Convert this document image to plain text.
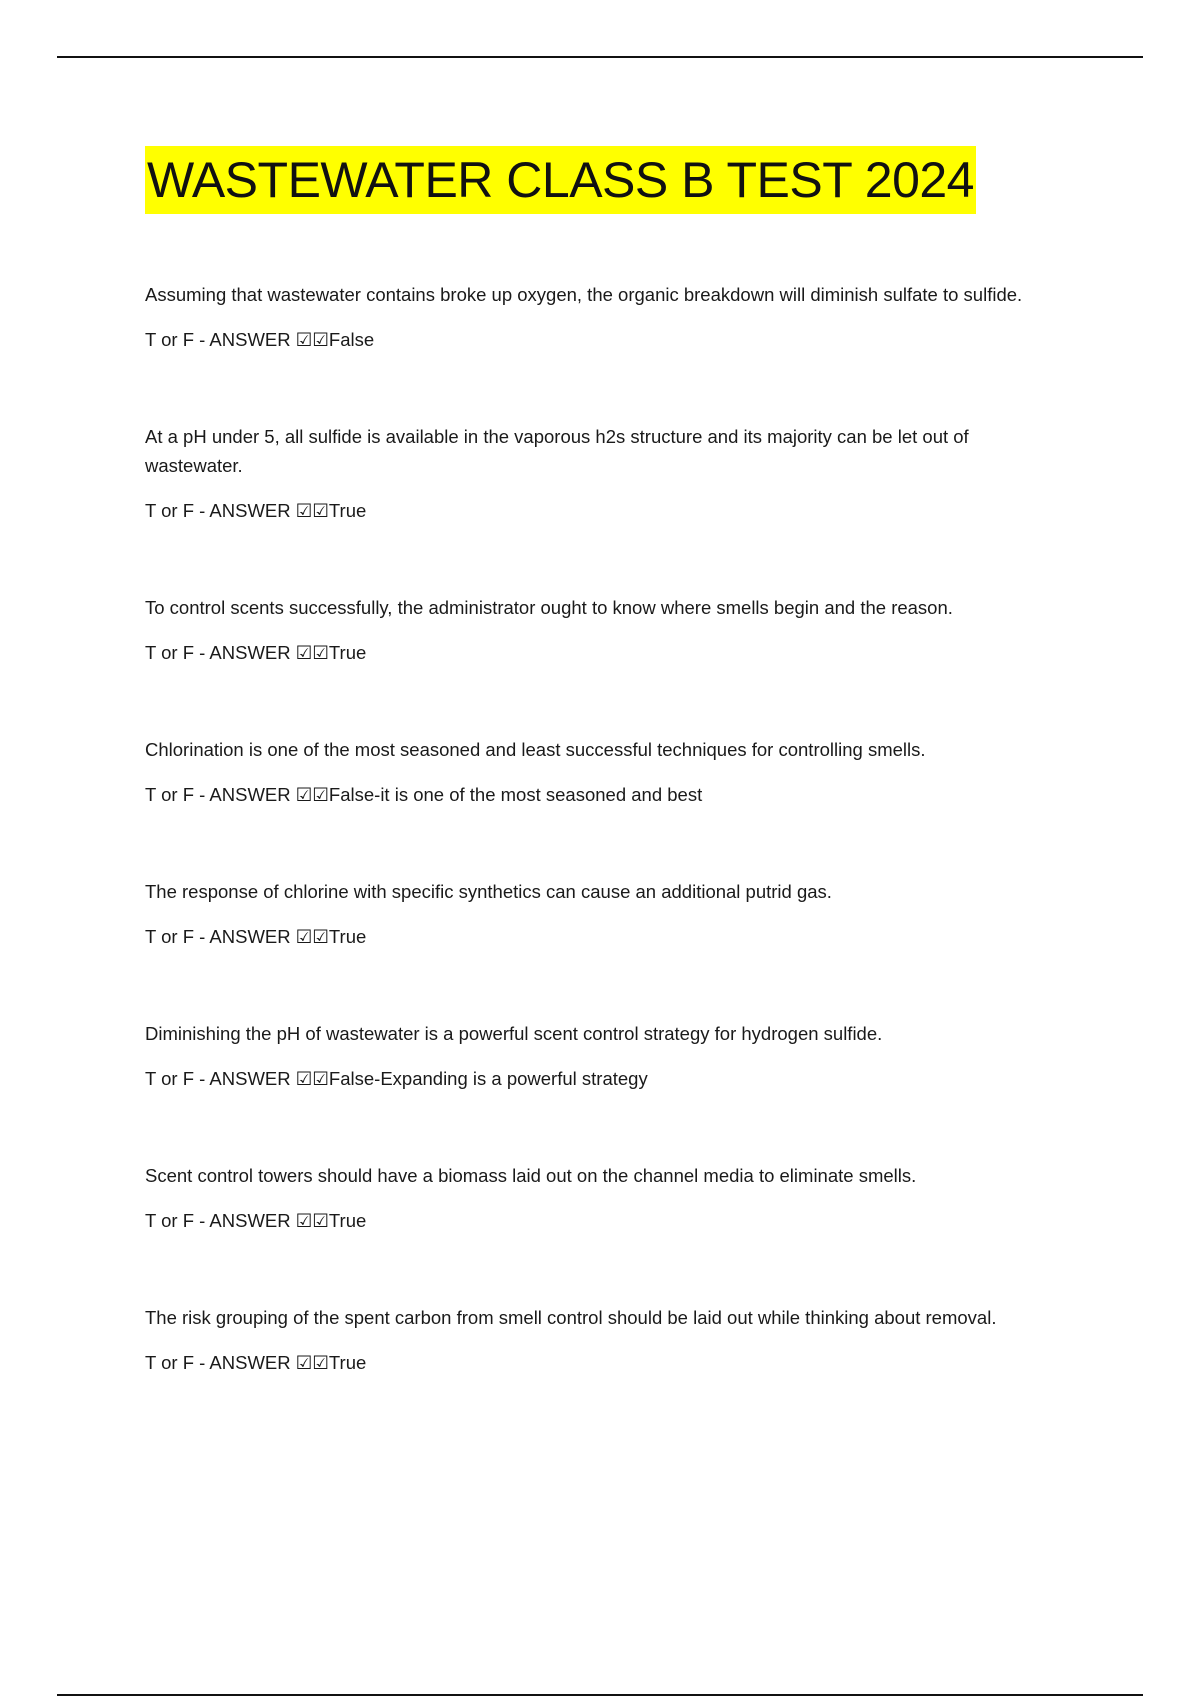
WASTEWATER CLASS B TEST 2024

Assuming that wastewater contains broke up oxygen, the organic breakdown will diminish sulfate to sulfide.

T or F - ANSWER ☑☑False

At a pH under 5, all sulfide is available in the vaporous h2s structure and its majority can be let out of wastewater.

T or F - ANSWER ☑☑True

To control scents successfully, the administrator ought to know where smells begin and the reason.

T or F - ANSWER ☑☑True

Chlorination is one of the most seasoned and least successful techniques for controlling smells.

T or F - ANSWER ☑☑False-it is one of the most seasoned and best

The response of chlorine with specific synthetics can cause an additional putrid gas.

T or F - ANSWER ☑☑True

Diminishing the pH of wastewater is a powerful scent control strategy for hydrogen sulfide.

T or F - ANSWER ☑☑False-Expanding is a powerful strategy

Scent control towers should have a biomass laid out on the channel media to eliminate smells.

T or F - ANSWER ☑☑True

The risk grouping of the spent carbon from smell control should be laid out while thinking about removal.

T or F - ANSWER ☑☑True
